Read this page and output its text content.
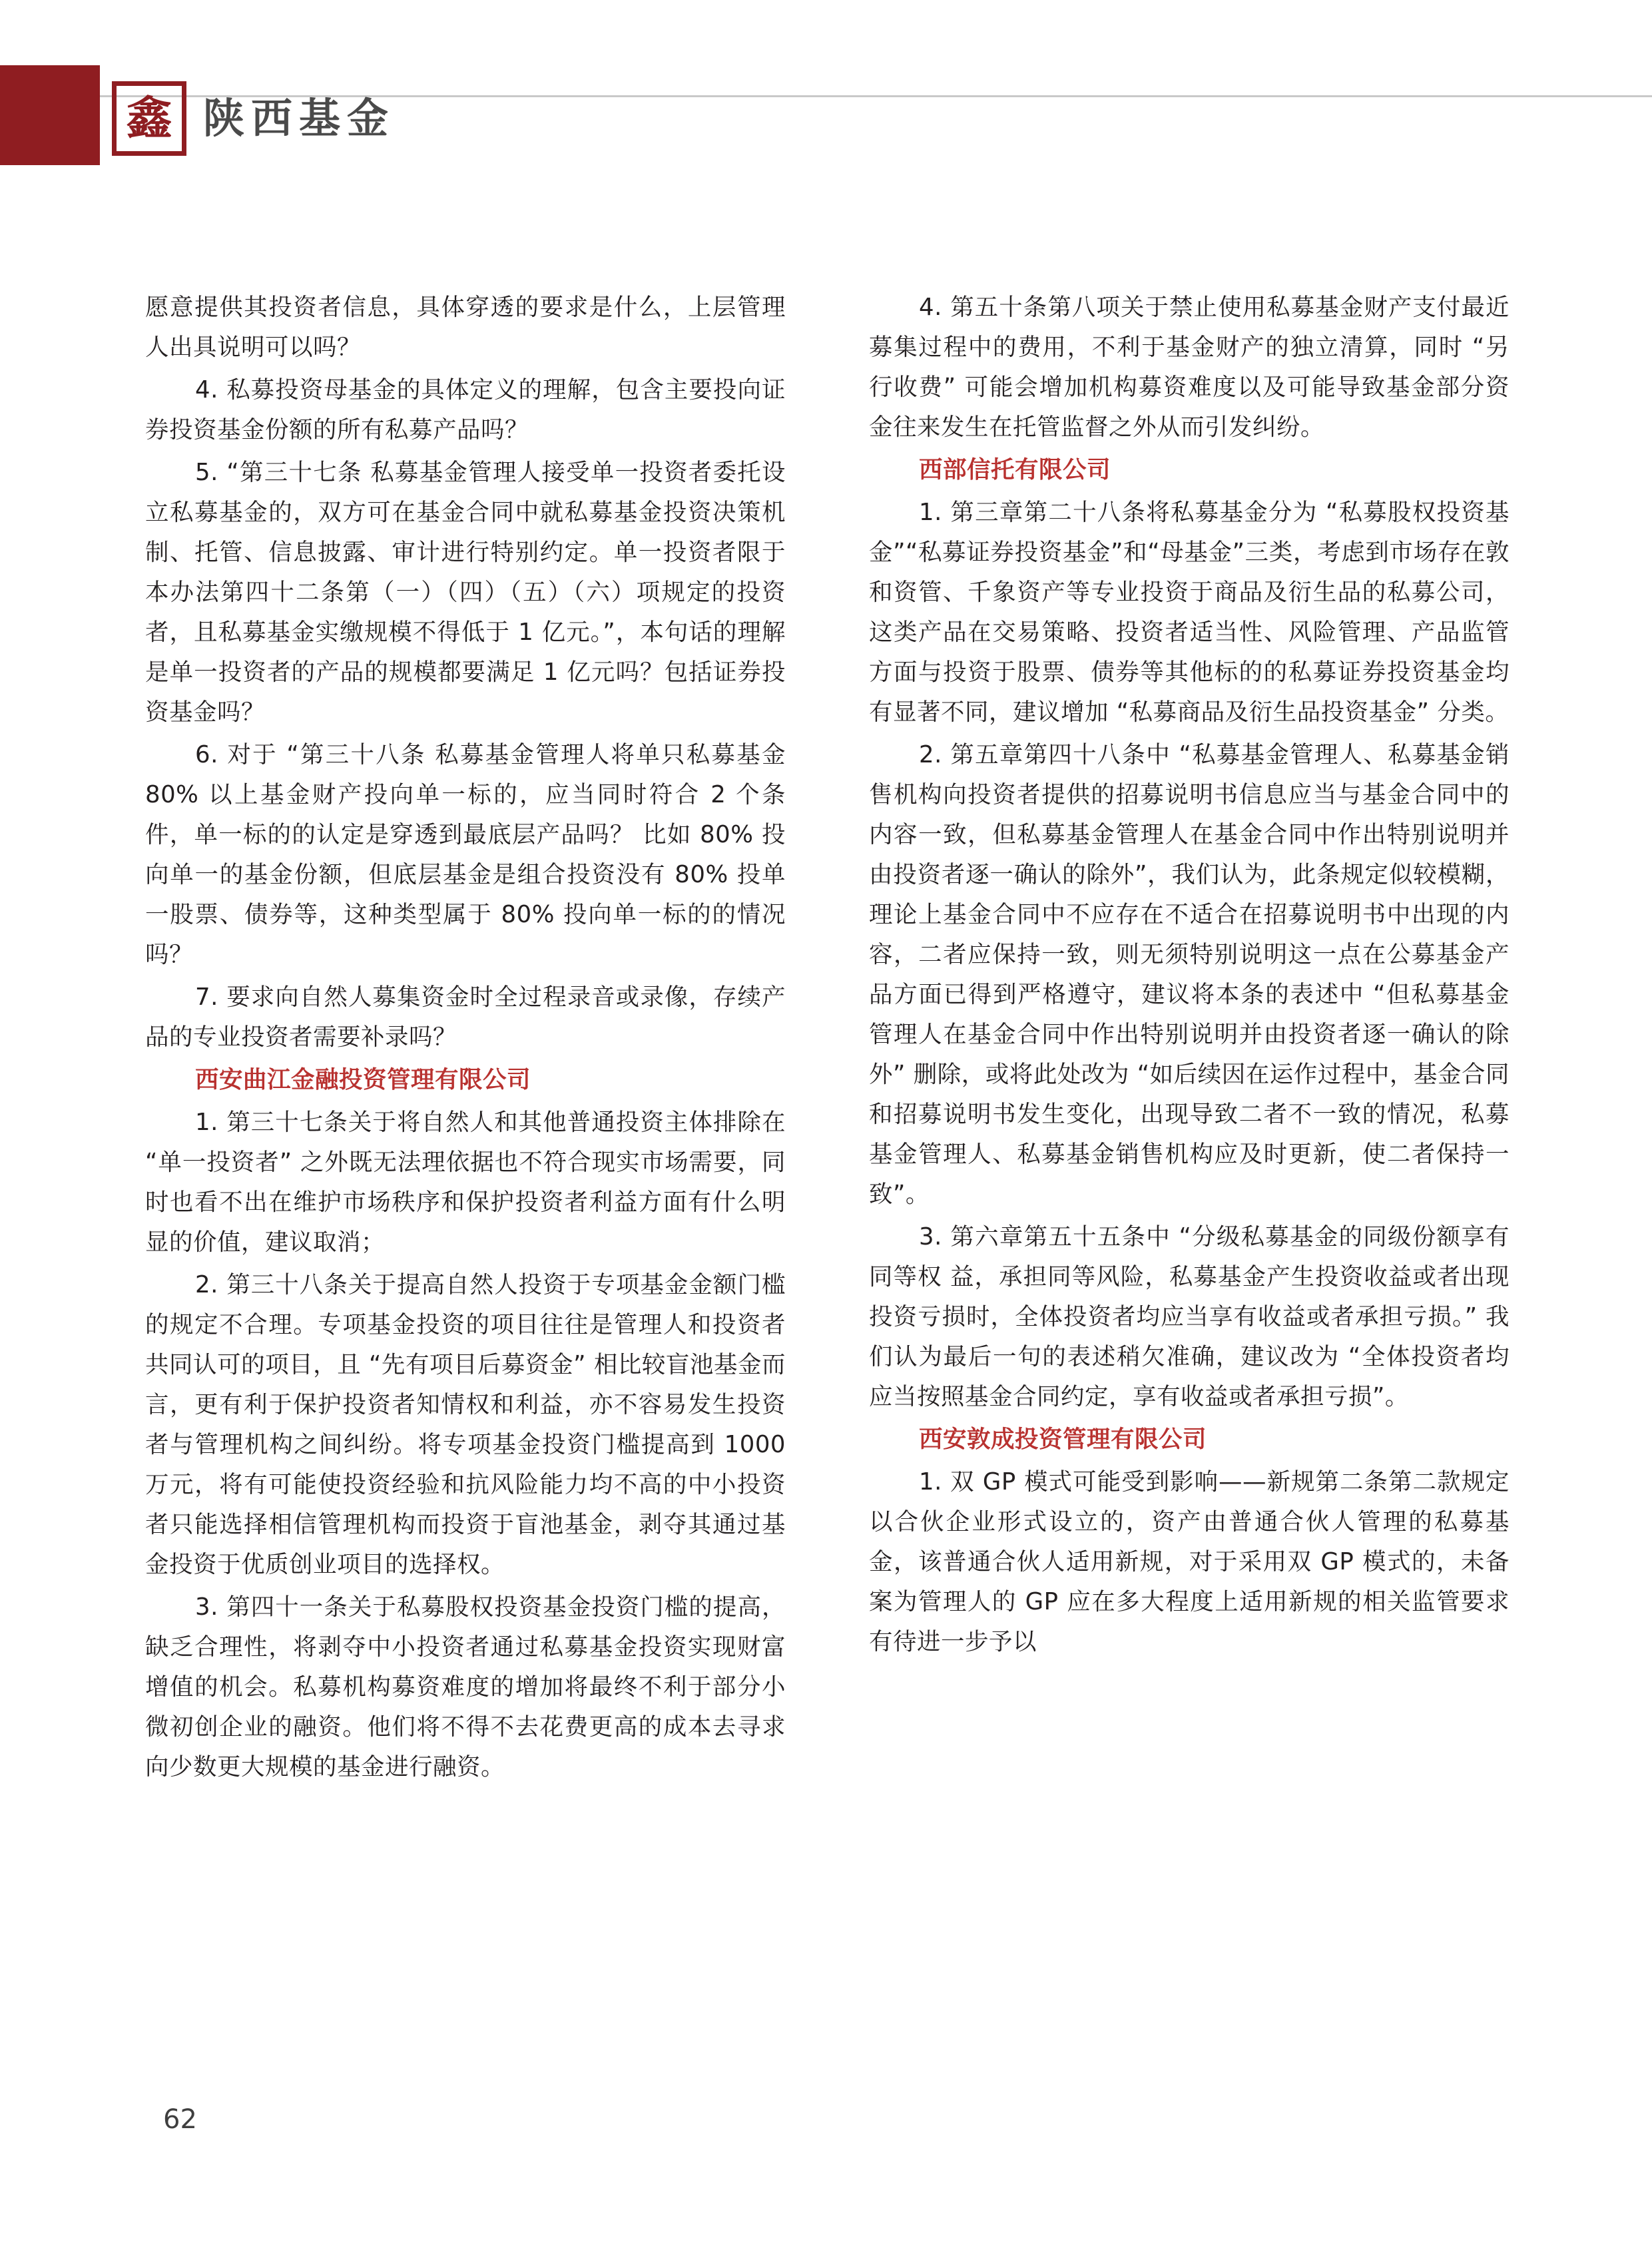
鑫 陕西基金

愿意提供其投资者信息，具体穿透的要求是什么，上层管理人出具说明可以吗？

4. 私募投资母基金的具体定义的理解，包含主要投向证券投资基金份额的所有私募产品吗？

5. “第三十七条 私募基金管理人接受单一投资者委托设立私募基金的，双方可在基金合同中就私募基金投资决策机制、托管、信息披露、审计进行特别约定。单一投资者限于本办法第四十二条第（一）（四）（五）（六）项规定的投资者，且私募基金实缴规模不得低于 1 亿元。”，本句话的理解是单一投资者的产品的规模都要满足 1 亿元吗？包括证券投资基金吗？

6. 对于 “第三十八条 私募基金管理人将单只私募基金 80% 以上基金财产投向单一标的，应当同时符合 2 个条件，单一标的的认定是穿透到最底层产品吗？ 比如 80% 投向单一的基金份额，但底层基金是组合投资没有 80% 投单一股票、债券等，这种类型属于 80% 投向单一标的的情况吗？

7. 要求向自然人募集资金时全过程录音或录像，存续产品的专业投资者需要补录吗？

西安曲江金融投资管理有限公司

1. 第三十七条关于将自然人和其他普通投资主体排除在 “单一投资者” 之外既无法理依据也不符合现实市场需要，同时也看不出在维护市场秩序和保护投资者利益方面有什么明显的价值，建议取消；

2. 第三十八条关于提高自然人投资于专项基金金额门槛的规定不合理。专项基金投资的项目往往是管理人和投资者共同认可的项目，且 “先有项目后募资金” 相比较盲池基金而言，更有利于保护投资者知情权和利益，亦不容易发生投资者与管理机构之间纠纷。将专项基金投资门槛提高到 1000 万元，将有可能使投资经验和抗风险能力均不高的中小投资者只能选择相信管理机构而投资于盲池基金，剥夺其通过基金投资于优质创业项目的选择权。

3. 第四十一条关于私募股权投资基金投资门槛的提高，缺乏合理性，将剥夺中小投资者通过私募基金投资实现财富增值的机会。私募机构募资难度的增加将最终不利于部分小微初创企业的融资。他们将不得不去花费更高的成本去寻求向少数更大规模的基金进行融资。

4. 第五十条第八项关于禁止使用私募基金财产支付最近募集过程中的费用，不利于基金财产的独立清算，同时 “另行收费” 可能会增加机构募资难度以及可能导致基金部分资金往来发生在托管监督之外从而引发纠纷。

西部信托有限公司

1. 第三章第二十八条将私募基金分为 “私募股权投资基金”“私募证券投资基金”和“母基金”三类，考虑到市场存在敦和资管、千象资产等专业投资于商品及衍生品的私募公司，这类产品在交易策略、投资者适当性、风险管理、产品监管方面与投资于股票、债券等其他标的的私募证券投资基金均有显著不同，建议增加 “私募商品及衍生品投资基金” 分类。

2. 第五章第四十八条中 “私募基金管理人、私募基金销售机构向投资者提供的招募说明书信息应当与基金合同中的内容一致，但私募基金管理人在基金合同中作出特别说明并由投资者逐一确认的除外”，我们认为，此条规定似较模糊，理论上基金合同中不应存在不适合在招募说明书中出现的内容，二者应保持一致，则无须特别说明这一点在公募基金产品方面已得到严格遵守，建议将本条的表述中 “但私募基金管理人在基金合同中作出特别说明并由投资者逐一确认的除外” 删除，或将此处改为 “如后续因在运作过程中，基金合同和招募说明书发生变化，出现导致二者不一致的情况，私募基金管理人、私募基金销售机构应及时更新，使二者保持一致”。

3. 第六章第五十五条中 “分级私募基金的同级份额享有同等权 益，承担同等风险，私募基金产生投资收益或者出现投资亏损时，全体投资者均应当享有收益或者承担亏损。” 我们认为最后一句的表述稍欠准确，建议改为 “全体投资者均应当按照基金合同约定，享有收益或者承担亏损”。

西安敦成投资管理有限公司

1. 双 GP 模式可能受到影响——新规第二条第二款规定以合伙企业形式设立的，资产由普通合伙人管理的私募基金，该普通合伙人适用新规，对于采用双 GP 模式的，未备案为管理人的 GP 应在多大程度上适用新规的相关监管要求有待进一步予以

62
